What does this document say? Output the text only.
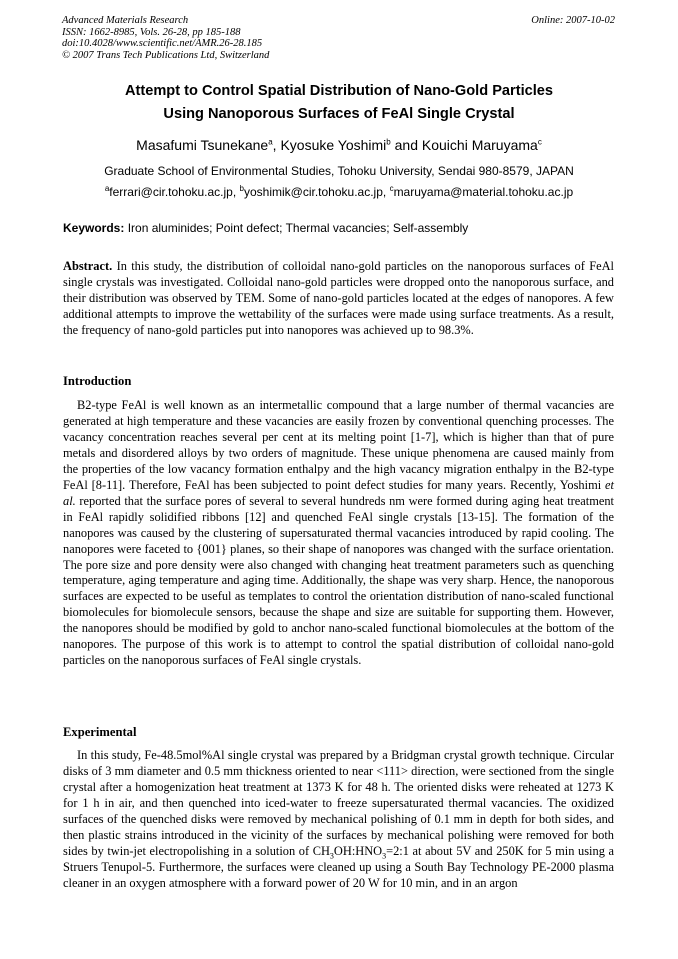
Advanced Materials Research
ISSN: 1662-8985, Vols. 26-28, pp 185-188
doi:10.4028/www.scientific.net/AMR.26-28.185
© 2007 Trans Tech Publications Ltd, Switzerland
Online: 2007-10-02
Attempt to Control Spatial Distribution of Nano-Gold Particles
Using Nanoporous Surfaces of FeAl Single Crystal
Masafumi Tsunekane$^a$, Kyosuke Yoshimi$^b$ and Kouichi Maruyama$^c$
Graduate School of Environmental Studies, Tohoku University, Sendai 980-8579, JAPAN
$^a$ferrari@cir.tohoku.ac.jp, $^b$yoshimik@cir.tohoku.ac.jp, $^c$maruyama@material.tohoku.ac.jp
Keywords: Iron aluminides; Point defect; Thermal vacancies; Self-assembly

Abstract. In this study, the distribution of colloidal nano-gold particles on the nanoporous surfaces of FeAl single crystals was investigated. Colloidal nano-gold particles were dropped onto the nanoporous surface, and their distribution was observed by TEM. Some of nano-gold particles located at the edges of nanopores. A few additional attempts to improve the wettability of the surfaces were made using surface treatments. As a result, the frequency of nano-gold particles put into nanopores was achieved up to 98.3%.

Introduction

B2-type FeAl is well known as an intermetallic compound that a large number of thermal vacancies are generated at high temperature and these vacancies are easily frozen by conventional quenching processes. The vacancy concentration reaches several per cent at its melting point [1-7], which is higher than that of pure metals and disordered alloys by two orders of magnitude. These unique phenomena are caused mainly from the properties of the low vacancy formation enthalpy and the high vacancy migration enthalpy in the B2-type FeAl [8-11]. Therefore, FeAl has been subjected to point defect studies for many years. Recently, Yoshimi et al. reported that the surface pores of several to several hundreds nm were formed during aging heat treatment in FeAl rapidly solidified ribbons [12] and quenched FeAl single crystals [13-15]. The formation of the nanopores was caused by the clustering of supersaturated thermal vacancies introduced by rapid cooling. The nanopores were faceted to {001} planes, so their shape of nanopores was changed with the surface orientation. The pore size and pore density were also changed with changing heat treatment parameters such as quenching temperature, aging temperature and aging time. Additionally, the shape was very sharp. Hence, the nanoporous surfaces are expected to be useful as templates to control the orientation distribution of nano-scaled functional biomolecules for biomolecule sensors, because the shape and size are suitable for supporting them. However, the nanopores should be modified by gold to anchor nano-scaled functional biomolecules at the bottom of the nanopores. The purpose of this work is to attempt to control the spatial distribution of colloidal nano-gold particles on the nanoporous surfaces of FeAl single crystals.

Experimental

In this study, Fe-48.5mol%Al single crystal was prepared by a Bridgman crystal growth technique. Circular disks of 3 mm diameter and 0.5 mm thickness oriented to near <111> direction, were sectioned from the single crystal after a homogenization heat treatment at 1373 K for 48 h. The oriented disks were reheated at 1273 K for 1 h in air, and then quenched into iced-water to freeze supersaturated thermal vacancies. The oxidized surfaces of the quenched disks were removed by mechanical polishing of 0.1 mm in depth for both sides, and then plastic strains introduced in the vicinity of the surfaces by mechanical polishing were removed for both sides by twin-jet electropolishing in a solution of $CH_3OH:HNO_3=2:1$ at about 5V and 250K for 5 min using a Struers Tenupol-5. Furthermore, the surfaces were cleaned up using a South Bay Technology PE-2000 plasma cleaner in an oxygen atmosphere with a forward power of 20 W for 10 min, and in an argon
